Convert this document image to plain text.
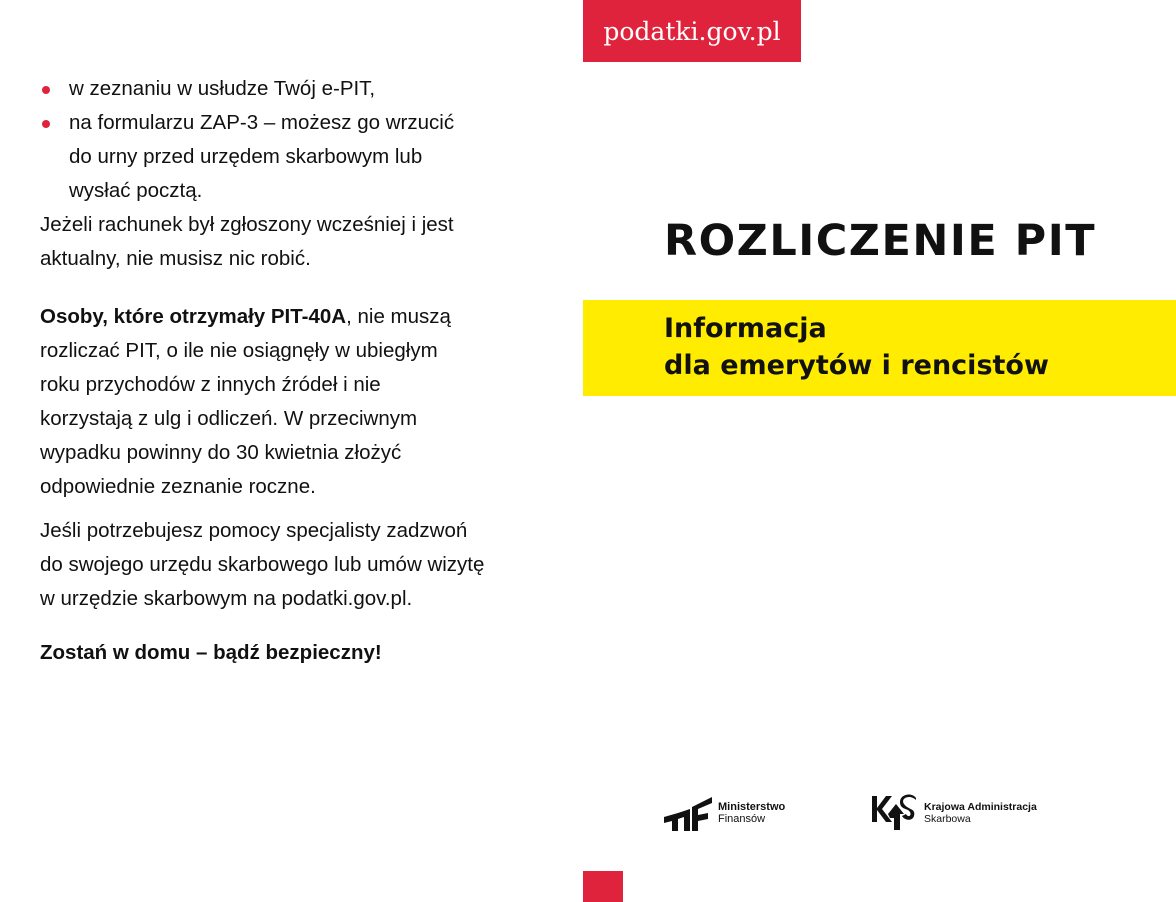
w zeznaniu w usłudze Twój e-PIT,
na formularzu ZAP-3 – możesz go wrzucić do urny przed urzędem skarbowym lub wysłać pocztą.

Jeżeli rachunek był zgłoszony wcześniej i jest aktualny, nie musisz nic robić.

Osoby, które otrzymały PIT-40A, nie muszą rozliczać PIT, o ile nie osiągnęły w ubiegłym roku przychodów z innych źródeł i nie korzystają z ulg i odliczeń. W przeciwnym wypadku powinny do 30 kwietnia złożyć odpowiednie zeznanie roczne.

Jeśli potrzebujesz pomocy specjalisty zadzwoń do swojego urzędu skarbowego lub umów wizytę w urzędzie skarbowym na podatki.gov.pl.

Zostań w domu – bądź bezpieczny!

podatki.gov.pl
ROZLICZENIE PIT
Informacja
dla emerytów i rencistów
Ministerstwo
Finansów
Krajowa Administracja
Skarbowa
